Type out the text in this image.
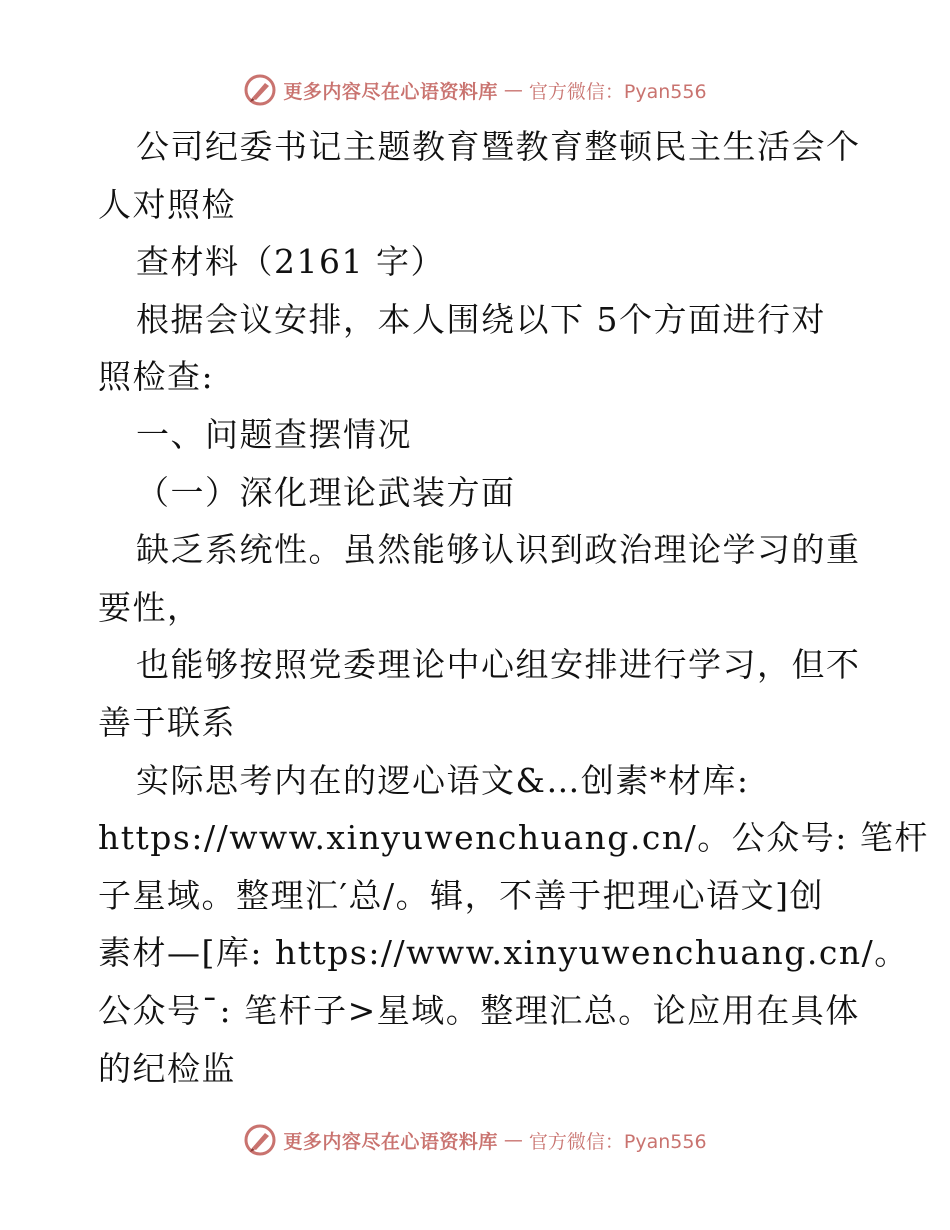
更多内容尽在心语资料库 — 官方微信：Pyan556
公司纪委书记主题教育暨教育整顿民主生活会个
人对照检
查材料（2161 字）
根据会议安排，本人围绕以下 5个方面进行对
照检查:
一、问题查摆情况
（一）深化理论武装方面
缺乏系统性。虽然能够认识到政治理论学习的重
要性，
也能够按照党委理论中心组安排进行学习，但不
善于联系
实际思考内在的逻心语文&…创素*材库:
https://www.xinyuwenchuang.cn/。公众号: 笔杆
子星域。整理汇′总/。辑，不善于把理心语文]创
素材—[库: https://www.xinyuwenchuang.cn/。
公众号¯: 笔杆子>星域。整理汇总。论应用在具体
的纪检监
更多内容尽在心语资料库 — 官方微信：Pyan556
